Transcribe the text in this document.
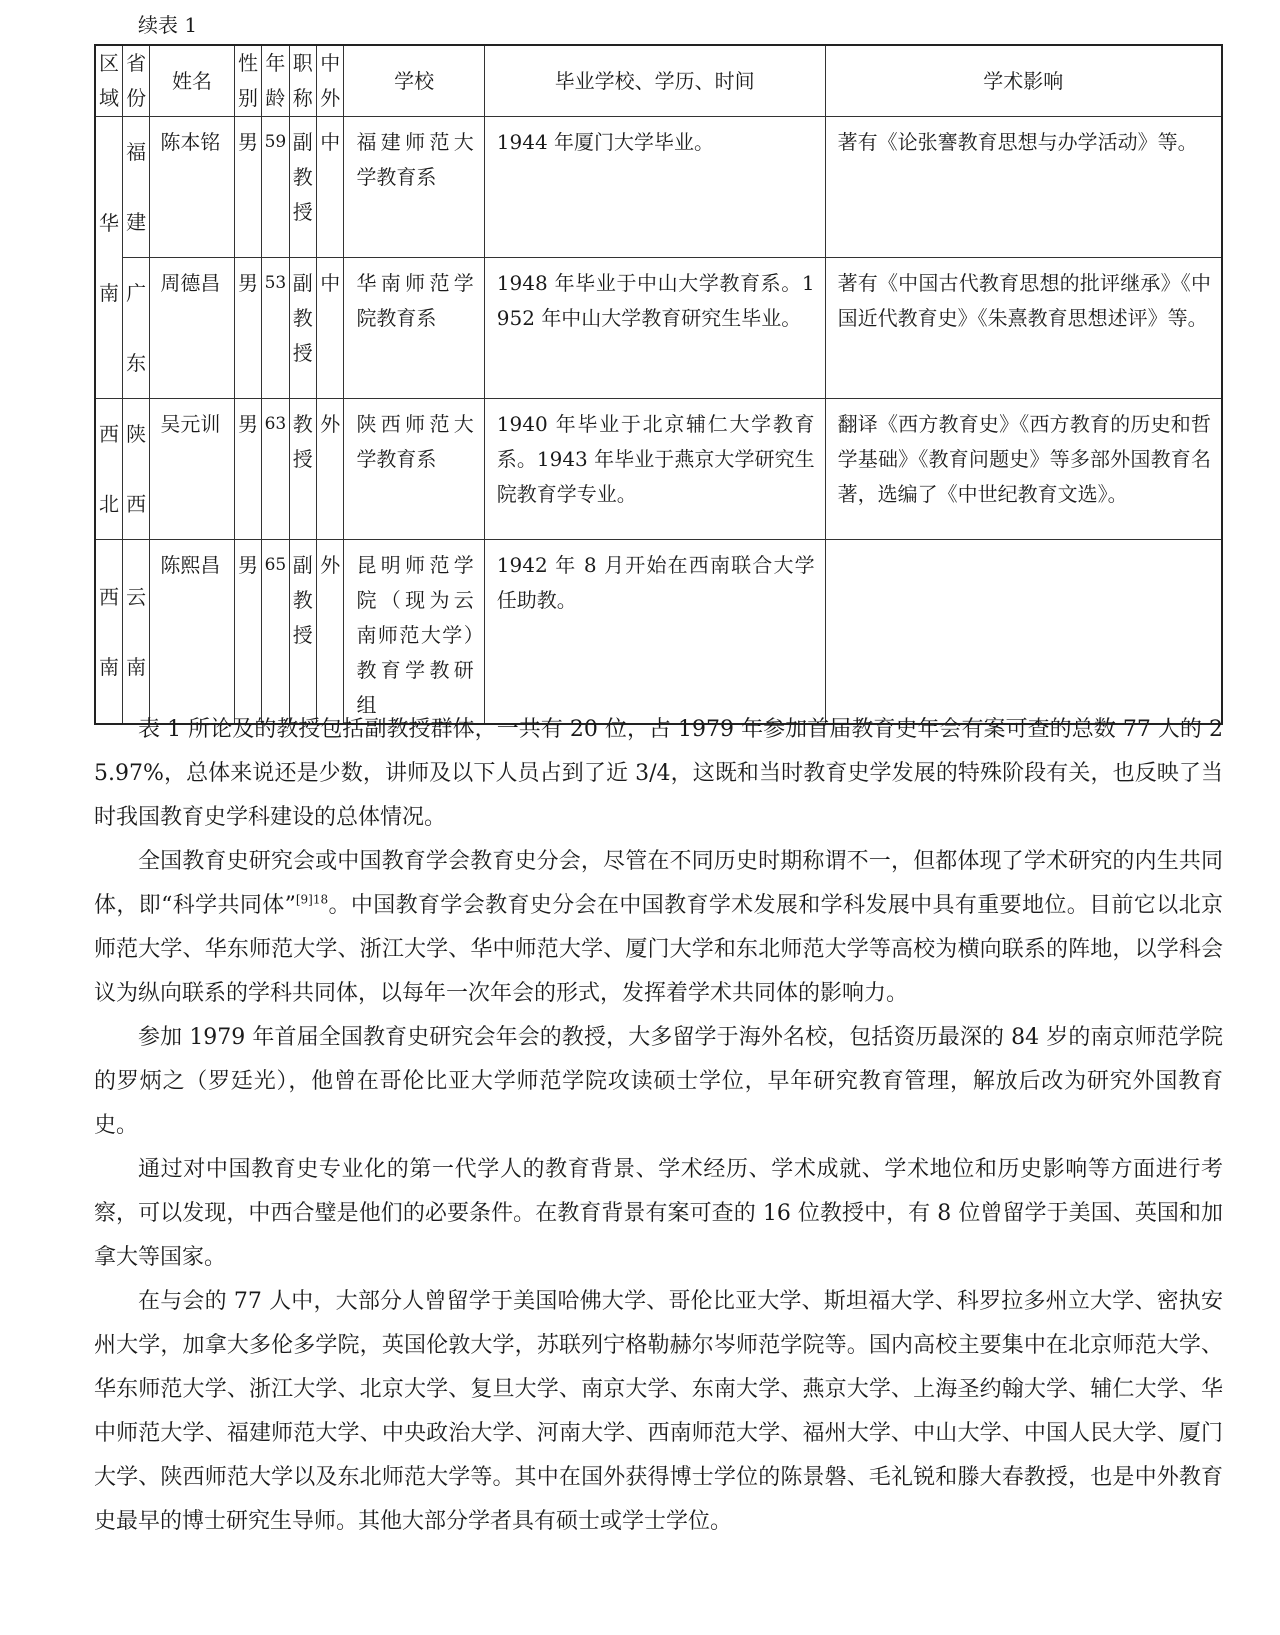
续表 1
区域	省份	姓名	性别	年龄	职称	中外	学校	毕业学校、学历、时间	学术影响
华南	福建	陈本铭	男	59	副教授	中	福建师范大学教育系	1944 年厦门大学毕业。	著有《论张謇教育思想与办学活动》等。
	广东	周德昌	男	53	副教授	中	华南师范学院教育系	1948 年毕业于中山大学教育系。1952 年中山大学教育研究生毕业。	著有《中国古代教育思想的批评继承》《中国近代教育史》《朱熹教育思想述评》等。
西北	陕西	吴元训	男	63	教授	外	陕西师范大学教育系	1940 年毕业于北京辅仁大学教育系。1943 年毕业于燕京大学研究生院教育学专业。	翻译《西方教育史》《西方教育的历史和哲学基础》《教育问题史》等多部外国教育名著，选编了《中世纪教育文选》。
西南	云南	陈熙昌	男	65	副教授	外	昆明师范学院（现为云南师范大学）教育学教研组	1942 年 8 月开始在西南联合大学任助教。	

表 1 所论及的教授包括副教授群体，一共有 20 位，占 1979 年参加首届教育史年会有案可查的总数 77 人的 25.97%，总体来说还是少数，讲师及以下人员占到了近 3/4，这既和当时教育史学发展的特殊阶段有关，也反映了当时我国教育史学科建设的总体情况。

全国教育史研究会或中国教育学会教育史分会，尽管在不同历史时期称谓不一，但都体现了学术研究的内生共同体，即“科学共同体”$^{[9]18}$。中国教育学会教育史分会在中国教育学术发展和学科发展中具有重要地位。目前它以北京师范大学、华东师范大学、浙江大学、华中师范大学、厦门大学和东北师范大学等高校为横向联系的阵地，以学科会议为纵向联系的学科共同体，以每年一次年会的形式，发挥着学术共同体的影响力。

参加 1979 年首届全国教育史研究会年会的教授，大多留学于海外名校，包括资历最深的 84 岁的南京师范学院的罗炳之（罗廷光），他曾在哥伦比亚大学师范学院攻读硕士学位，早年研究教育管理，解放后改为研究外国教育史。

通过对中国教育史专业化的第一代学人的教育背景、学术经历、学术成就、学术地位和历史影响等方面进行考察，可以发现，中西合璧是他们的必要条件。在教育背景有案可查的 16 位教授中，有 8 位曾留学于美国、英国和加拿大等国家。

在与会的 77 人中，大部分人曾留学于美国哈佛大学、哥伦比亚大学、斯坦福大学、科罗拉多州立大学、密执安州大学，加拿大多伦多学院，英国伦敦大学，苏联列宁格勒赫尔岑师范学院等。国内高校主要集中在北京师范大学、华东师范大学、浙江大学、北京大学、复旦大学、南京大学、东南大学、燕京大学、上海圣约翰大学、辅仁大学、华中师范大学、福建师范大学、中央政治大学、河南大学、西南师范大学、福州大学、中山大学、中国人民大学、厦门大学、陕西师范大学以及东北师范大学等。其中在国外获得博士学位的陈景磐、毛礼锐和滕大春教授，也是中外教育史最早的博士研究生导师。其他大部分学者具有硕士或学士学位。
